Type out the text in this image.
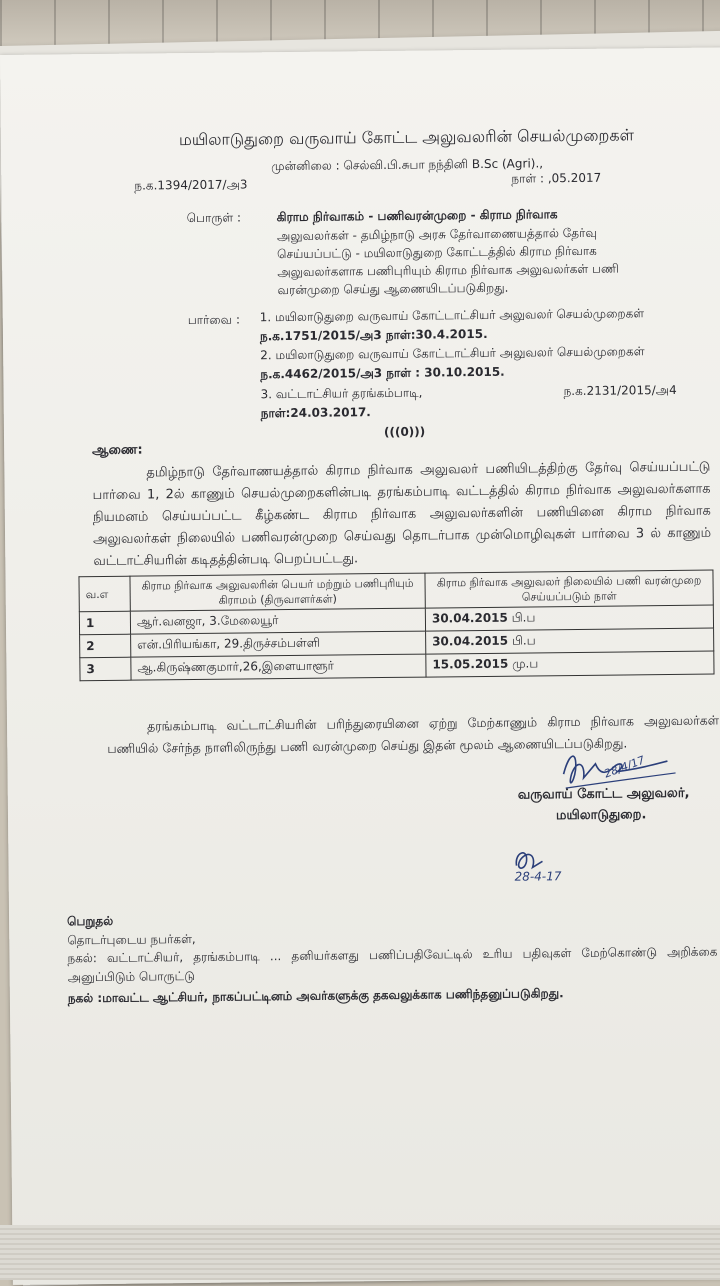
மயிலாடுதுறை வருவாய் கோட்ட அலுவலரின் செயல்முறைகள்
முன்னிலை : செல்வி.பி.சுபா நந்தினி B.Sc (Agri).,
ந.க.1394/2017/அ3	நாள் : ,05.2017
பொருள் :	கிராம நிர்வாகம் - பணிவரன்முறை - கிராம நிர்வாக
அலுவலர்கள் - தமிழ்நாடு அரசு தேர்வாணையத்தால் தேர்வு
செய்யப்பட்டு - மயிலாடுதுறை கோட்டத்தில் கிராம நிர்வாக
அலுவலர்களாக பணிபுரியும் கிராம நிர்வாக அலுவலர்கள் பணி
வரன்முறை செய்து ஆணையிடப்படுகிறது.
பார்வை : 1. மயிலாடுதுறை வருவாய் கோட்டாட்சியர் அலுவலர் செயல்முறைகள்
ந.க.1751/2015/அ3 நாள்:30.4.2015.
2. மயிலாடுதுறை வருவாய் கோட்டாட்சியர் அலுவலர் செயல்முறைகள்
ந.க.4462/2015/அ3 நாள் : 30.10.2015.
3. வட்டாட்சியர் தரங்கம்பாடி,	ந.க.2131/2015/அ4
நாள்:24.03.2017.
(((0)))
ஆணை:
தமிழ்நாடு தேர்வாணயத்தால் கிராம நிர்வாக அலுவலர் பணியிடத்திற்கு தேர்வு செய்யப்பட்டு பார்வை 1, 2ல் காணும் செயல்முறைகளின்படி தரங்கம்பாடி வட்டத்தில் கிராம நிர்வாக அலுவலர்களாக நியமனம் செய்யப்பட்ட கீழ்கண்ட கிராம நிர்வாக அலுவலர்களின் பணியினை கிராம நிர்வாக அலுவலர்கள் நிலையில் பணிவரன்முறை செய்வது தொடர்பாக முன்மொழிவுகள் பார்வை 3 ல் காணும் வட்டாட்சியரின் கடிதத்தின்படி பெறப்பட்டது.
வ.எ	கிராம நிர்வாக அலுவலரின் பெயர் மற்றும் பணிபுரியும் கிராமம் (திருவாளர்கள்)	கிராம நிர்வாக அலுவலர் நிலையில் பணி வரன்முறை செய்யப்படும் நாள்
1	ஆர்.வனஜா, 3.மேலையூர்	30.04.2015 பி.ப
2	என்.பிரியங்கா, 29.திருச்சம்பள்ளி	30.04.2015 பி.ப
3	ஆ.கிருஷ்ணகுமார்,26,இளையாளூர்	15.05.2015 மு.ப
தரங்கம்பாடி வட்டாட்சியரின் பரிந்துரையினை ஏற்று மேற்காணும் கிராம நிர்வாக அலுவலர்கள் பணியில் சேர்ந்த நாளிலிருந்து பணி வரன்முறை செய்து இதன் மூலம் ஆணையிடப்படுகிறது.
28/4/17
வருவாய் கோட்ட அலுவலர்,
மயிலாடுதுறை.
28-4-17
பெறுதல்
தொடர்புடைய நபர்கள்,
நகல்: வட்டாட்சியர், தரங்கம்பாடி ... தனியர்களது பணிப்பதிவேட்டில் உரிய பதிவுகள் மேற்கொண்டு அறிக்கை அனுப்பிடும் பொருட்டு
நகல் :மாவட்ட ஆட்சியர், நாகப்பட்டினம் அவர்களுக்கு தகவலுக்காக பணிந்தனுப்படுகிறது.
